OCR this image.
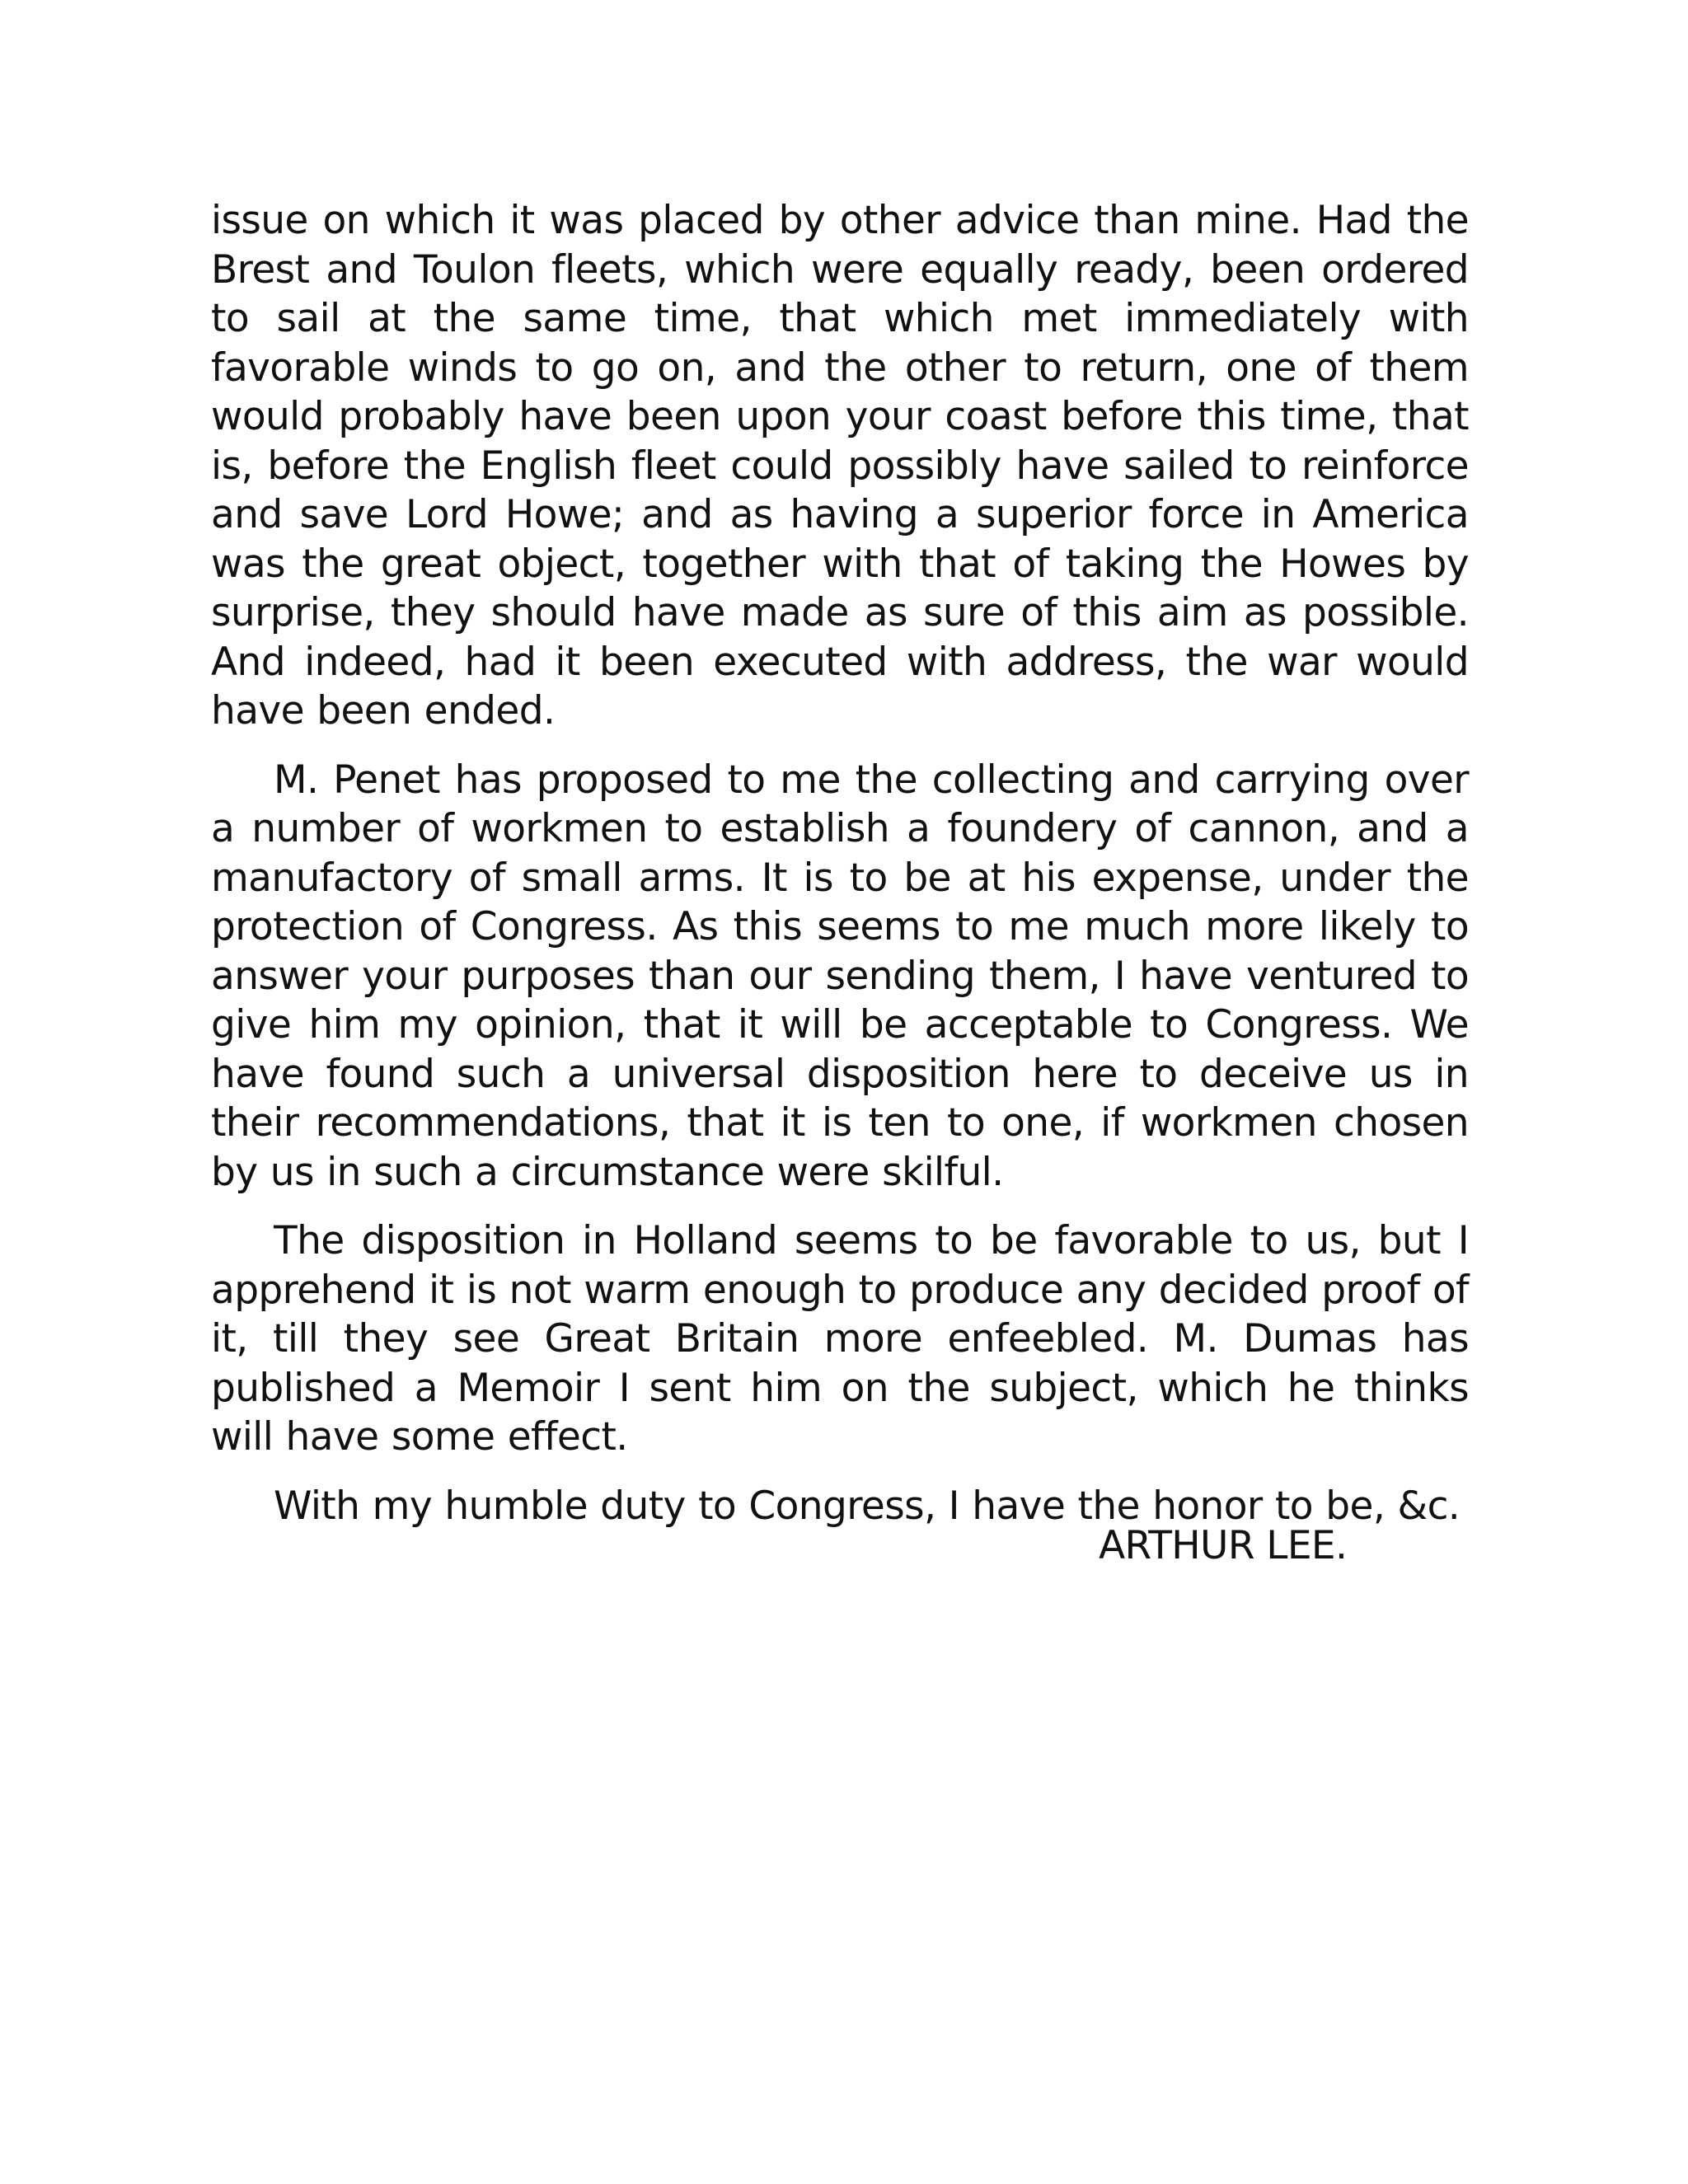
issue on which it was placed by other advice than mine. Had the Brest and Toulon fleets, which were equally ready, been ordered to sail at the same time, that which met immediately with favorable winds to go on, and the other to return, one of them would probably have been upon your coast before this time, that is, before the English fleet could possibly have sailed to reinforce and save Lord Howe; and as having a superior force in America was the great object, together with that of taking the Howes by surprise, they should have made as sure of this aim as possible. And indeed, had it been executed with address, the war would have been ended.

M. Penet has proposed to me the collecting and carrying over a number of workmen to establish a foundery of cannon, and a manufactory of small arms. It is to be at his expense, under the protection of Congress. As this seems to me much more likely to answer your purposes than our sending them, I have ventured to give him my opinion, that it will be acceptable to Congress. We have found such a universal disposition here to deceive us in their recommendations, that it is ten to one, if workmen chosen by us in such a circumstance were skilful.

The disposition in Holland seems to be favorable to us, but I apprehend it is not warm enough to produce any decided proof of it, till they see Great Britain more enfeebled. M. Dumas has published a Memoir I sent him on the subject, which he thinks will have some effect.

With my humble duty to Congress, I have the honor to be, &c.

ARTHUR LEE.
